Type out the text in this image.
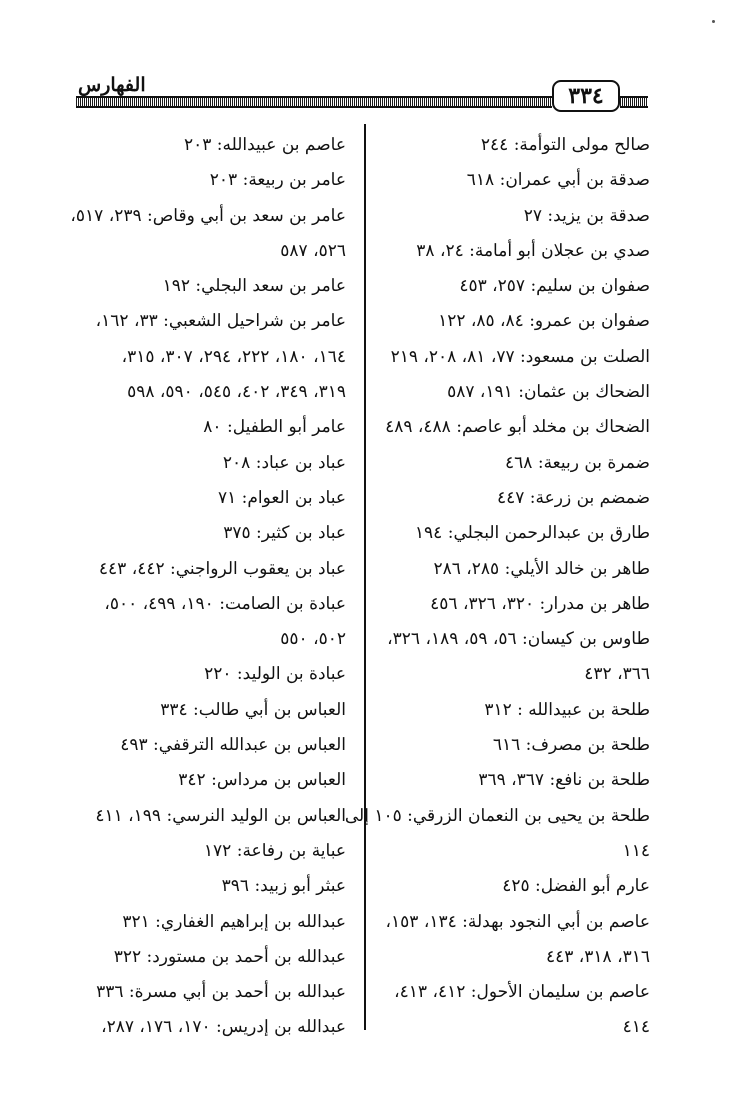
الفهارس	٣٣٤
صالح مولى التوأمة: ٢٤٤
صدقة بن أبي عمران: ٦١٨
صدقة بن يزيد: ٢٧
صدي بن عجلان أبو أمامة: ٢٤، ٣٨
صفوان بن سليم: ٢٥٧، ٤٥٣
صفوان بن عمرو: ٨٤، ٨٥، ١٢٢
الصلت بن مسعود: ٧٧، ٨١، ٢٠٨، ٢١٩
الضحاك بن عثمان: ١٩١، ٥٨٧
الضحاك بن مخلد أبو عاصم: ٤٨٨، ٤٨٩
ضمرة بن ربيعة: ٤٦٨
ضمضم بن زرعة: ٤٤٧
طارق بن عبدالرحمن البجلي: ١٩٤
طاهر بن خالد الأيلي: ٢٨٥، ٢٨٦
طاهر بن مدرار: ٣٢٠، ٣٢٦، ٤٥٦
طاوس بن كيسان: ٥٦، ٥٩، ١٨٩، ٣٢٦،
٣٦٦، ٤٣٢
طلحة بن عبيدالله : ٣١٢
طلحة بن مصرف: ٦١٦
طلحة بن نافع: ٣٦٧، ٣٦٩
طلحة بن يحيى بن النعمان الزرقي: ١٠٥ إلى
١١٤
عارم أبو الفضل: ٤٢٥
عاصم بن أبي النجود بهدلة: ١٣٤، ١٥٣،
٣١٦، ٣١٨، ٤٤٣
عاصم بن سليمان الأحول: ٤١٢، ٤١٣،
٤١٤
عاصم بن عبيدالله: ٢٠٣
عامر بن ربيعة: ٢٠٣
عامر بن سعد بن أبي وقاص: ٢٣٩، ٥١٧،
٥٢٦، ٥٨٧
عامر بن سعد البجلي: ١٩٢
عامر بن شراحيل الشعبي: ٣٣، ١٦٢،
١٦٤، ١٨٠، ٢٢٢، ٢٩٤، ٣٠٧، ٣١٥،
٣١٩، ٣٤٩، ٤٠٢، ٥٤٥، ٥٩٠، ٥٩٨
عامر أبو الطفيل: ٨٠
عباد بن عباد: ٢٠٨
عباد بن العوام: ٧١
عباد بن كثير: ٣٧٥
عباد بن يعقوب الرواجني: ٤٤٢، ٤٤٣
عبادة بن الصامت: ١٩٠، ٤٩٩، ٥٠٠،
٥٠٢، ٥٥٠
عبادة بن الوليد: ٢٢٠
العباس بن أبي طالب: ٣٣٤
العباس بن عبدالله الترقفي: ٤٩٣
العباس بن مرداس: ٣٤٢
العباس بن الوليد النرسي: ١٩٩، ٤١١
عباية بن رفاعة: ١٧٢
عبثر أبو زبيد: ٣٩٦
عبدالله بن إبراهيم الغفاري: ٣٢١
عبدالله بن أحمد بن مستورد: ٣٢٢
عبدالله بن أحمد بن أبي مسرة: ٣٣٦
عبدالله بن إدريس: ١٧٠، ١٧٦، ٢٨٧،
